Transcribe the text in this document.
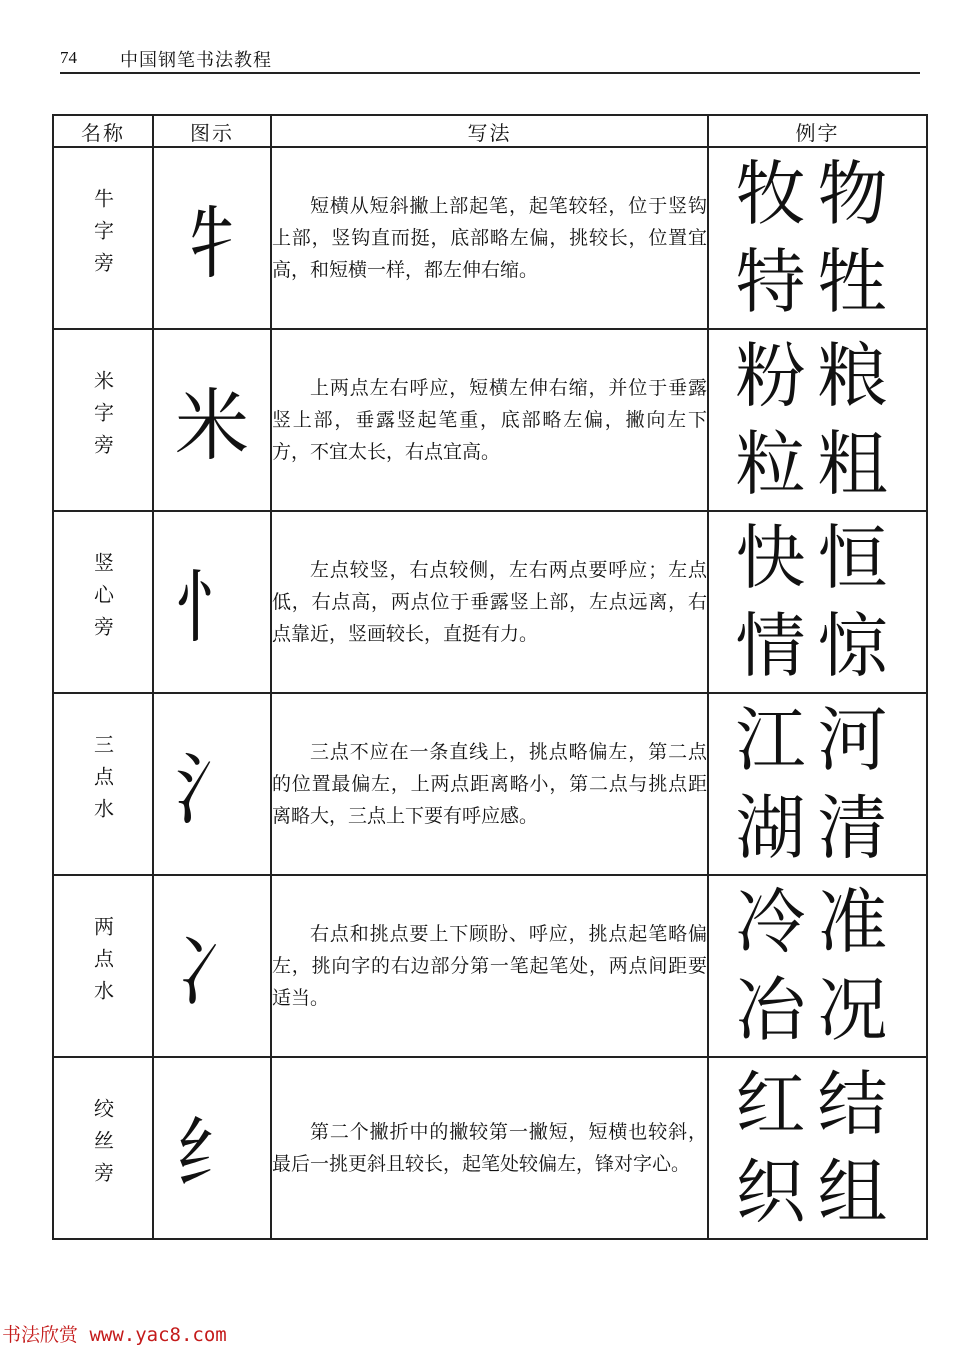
74 中国钢笔书法教程
名称	图示	写法	例字
牛字旁	牜	短横从短斜撇上部起笔，起笔较轻，位于竖钩上部，竖钩直而挺，底部略左偏，挑较长，位置宜高，和短横一样，都左伸右缩。	牧物
特牲

米字旁	米	上两点左右呼应，短横左伸右缩，并位于垂露竖上部，垂露竖起笔重，底部略左偏，撇向左下方，不宜太长，右点宜高。	粉粮
粒粗

竖心旁	忄	左点较竖，右点较侧，左右两点要呼应；左点低，右点高，两点位于垂露竖上部，左点远离，右点靠近，竖画较长，直挺有力。	快恒
情惊

三点水	氵	三点不应在一条直线上，挑点略偏左，第二点的位置最偏左，上两点距离略小，第二点与挑点距离略大，三点上下要有呼应感。	江河
湖清

两点水	冫	右点和挑点要上下顾盼、呼应，挑点起笔略偏左，挑向字的右边部分第一笔起笔处，两点间距要适当。	冷准
冶况

绞丝旁	纟	第二个撇折中的撇较第一撇短，短横也较斜，最后一挑更斜且较长，起笔处较偏左，锋对字心。	红结
织组
书法欣赏 www.yac8.com
